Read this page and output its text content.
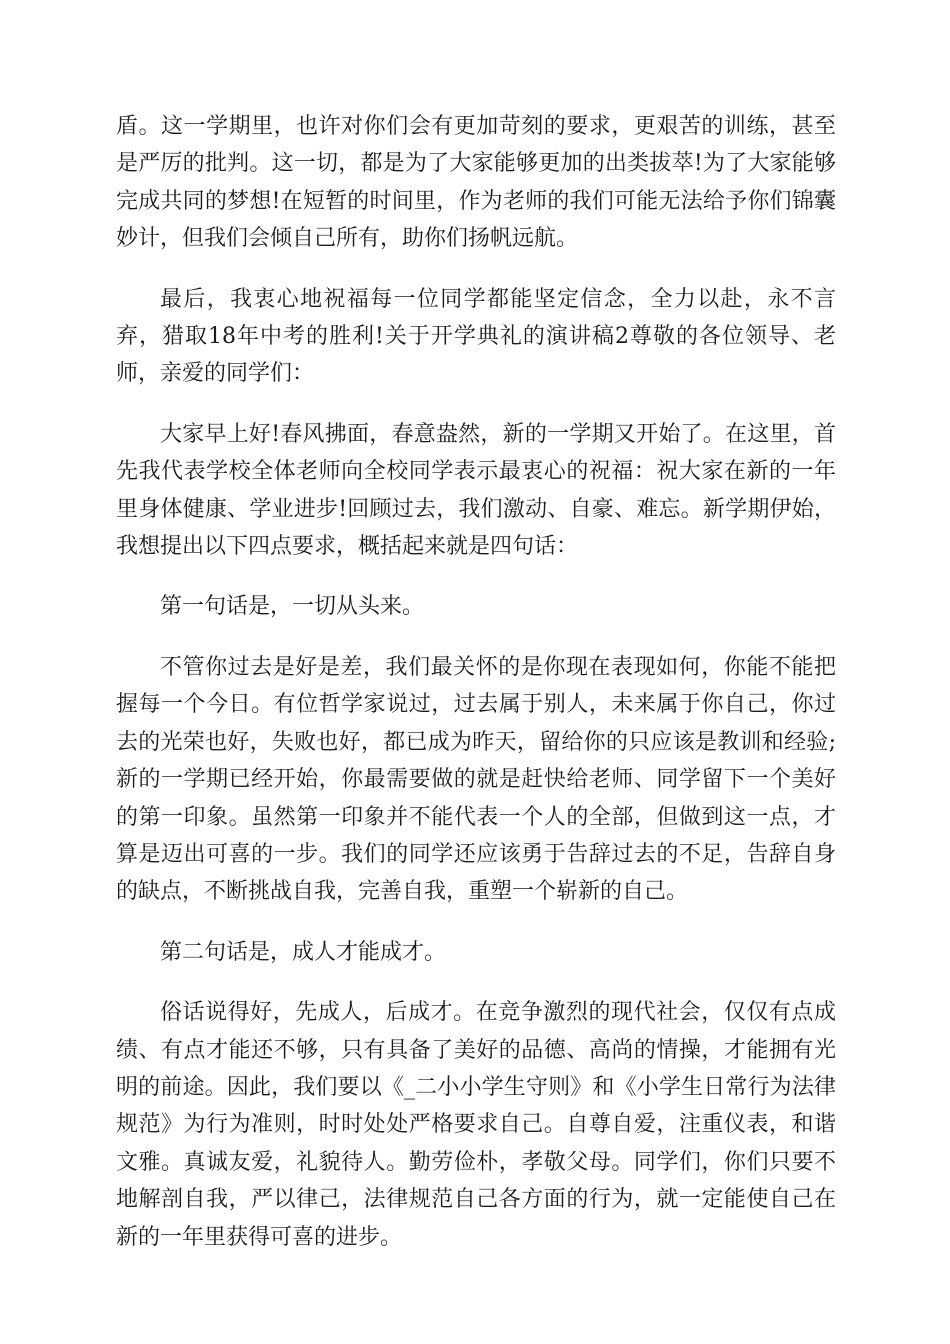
盾。这一学期里，也许对你们会有更加苛刻的要求，更艰苦的训练，甚至是严厉的批判。这一切，都是为了大家能够更加的出类拔萃!为了大家能够完成共同的梦想!在短暂的时间里，作为老师的我们可能无法给予你们锦囊妙计，但我们会倾自己所有，助你们扬帆远航。

最后，我衷心地祝福每一位同学都能坚定信念，全力以赴，永不言弃，猎取18年中考的胜利!关于开学典礼的演讲稿2尊敬的各位领导、老师，亲爱的同学们：

大家早上好!春风拂面，春意盎然，新的一学期又开始了。在这里，首先我代表学校全体老师向全校同学表示最衷心的祝福：祝大家在新的一年里身体健康、学业进步!回顾过去，我们激动、自豪、难忘。新学期伊始，我想提出以下四点要求，概括起来就是四句话：

第一句话是，一切从头来。

不管你过去是好是差，我们最关怀的是你现在表现如何，你能不能把握每一个今日。有位哲学家说过，过去属于别人，未来属于你自己，你过去的光荣也好，失败也好，都已成为昨天，留给你的只应该是教训和经验;新的一学期已经开始，你最需要做的就是赶快给老师、同学留下一个美好的第一印象。虽然第一印象并不能代表一个人的全部，但做到这一点，才算是迈出可喜的一步。我们的同学还应该勇于告辞过去的不足，告辞自身的缺点，不断挑战自我，完善自我，重塑一个崭新的自己。

第二句话是，成人才能成才。

俗话说得好，先成人，后成才。在竞争激烈的现代社会，仅仅有点成绩、有点才能还不够，只有具备了美好的品德、高尚的情操，才能拥有光明的前途。因此，我们要以《_二小小学生守则》和《小学生日常行为法律规范》为行为准则，时时处处严格要求自己。自尊自爱，注重仪表，和谐文雅。真诚友爱，礼貌待人。勤劳俭朴，孝敬父母。同学们，你们只要不地解剖自我，严以律己，法律规范自己各方面的行为，就一定能使自己在新的一年里获得可喜的进步。
